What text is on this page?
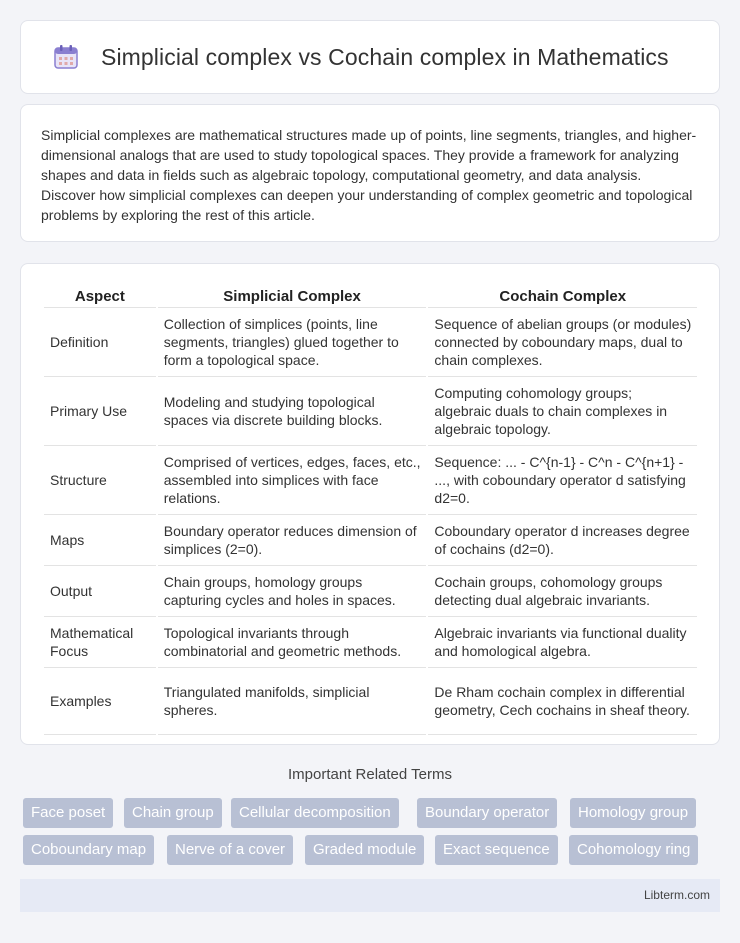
Simplicial complex vs Cochain complex in Mathematics

Simplicial complexes are mathematical structures made up of points, line segments, triangles, and higher-dimensional analogs that are used to study topological spaces. They provide a framework for analyzing shapes and data in fields such as algebraic topology, computational geometry, and data analysis. Discover how simplicial complexes can deepen your understanding of complex geometric and topological problems by exploring the rest of this article.

Aspect	Simplicial Complex	Cochain Complex
Definition	Collection of simplices (points, line segments, triangles) glued together to form a topological space.	Sequence of abelian groups (or modules) connected by coboundary maps, dual to chain complexes.
Primary Use	Modeling and studying topological spaces via discrete building blocks.	Computing cohomology groups; algebraic duals to chain complexes in algebraic topology.
Structure	Comprised of vertices, edges, faces, etc., assembled into simplices with face relations.	Sequence: ... - C^{n-1} - C^n - C^{n+1} - ..., with coboundary operator d satisfying d2=0.
Maps	Boundary operator reduces dimension of simplices (2=0).	Coboundary operator d increases degree of cochains (d2=0).
Output	Chain groups, homology groups capturing cycles and holes in spaces.	Cochain groups, cohomology groups detecting dual algebraic invariants.
Mathematical Focus	Topological invariants through combinatorial and geometric methods.	Algebraic invariants via functional duality and homological algebra.
Examples	Triangulated manifolds, simplicial spheres.	De Rham cochain complex in differential geometry, Cech cochains in sheaf theory.
Important Related Terms
Face poset	Chain group	Cellular decomposition	Boundary operator	Homology group
Coboundary map	Nerve of a cover	Graded module	Exact sequence	Cohomology ring
Libterm.com
